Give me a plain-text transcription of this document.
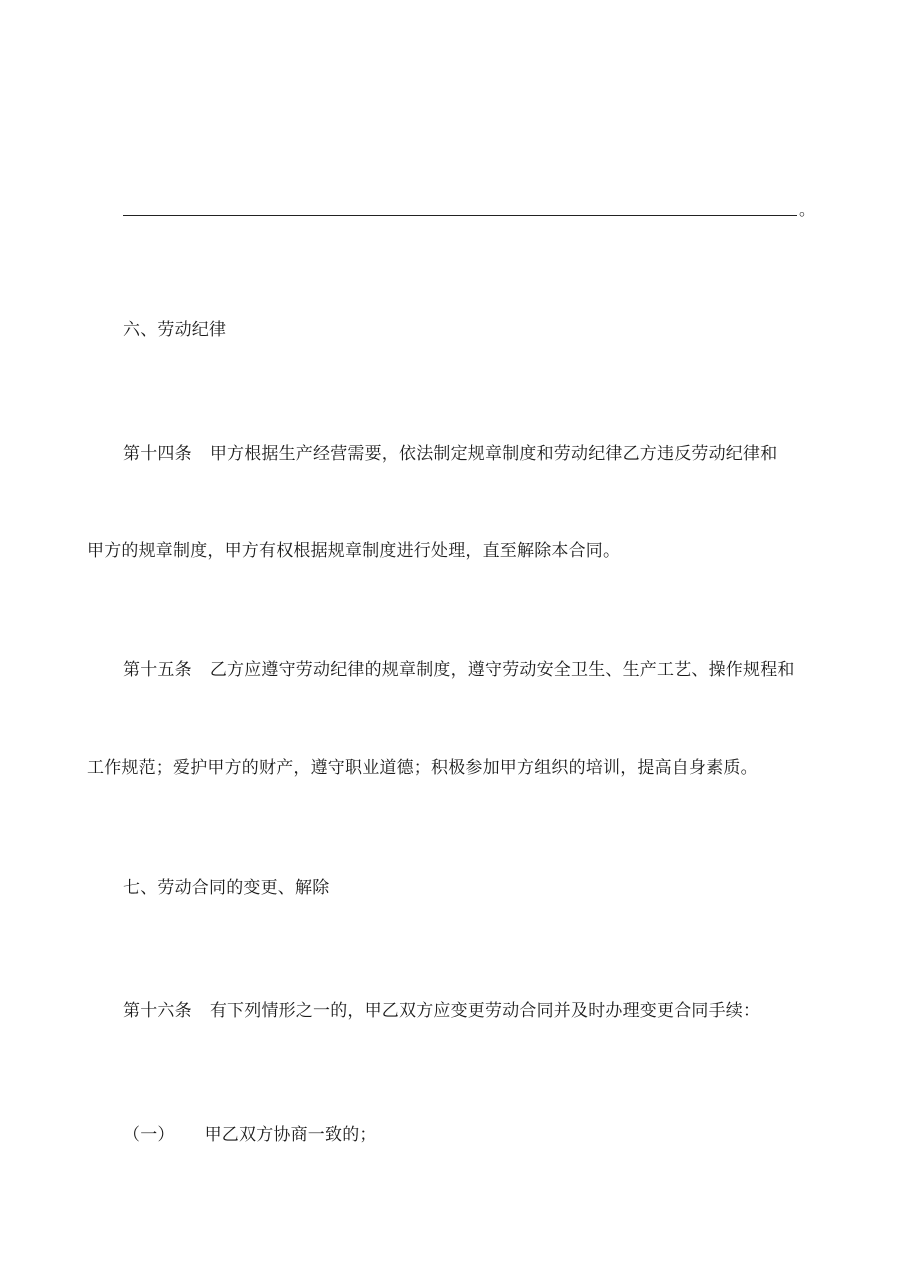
。
六、劳动纪律
第十四条 甲方根据生产经营需要，依法制定规章制度和劳动纪律乙方违反劳动纪律和
甲方的规章制度，甲方有权根据规章制度进行处理，直至解除本合同。
第十五条 乙方应遵守劳动纪律的规章制度，遵守劳动安全卫生、生产工艺、操作规程和
工作规范；爱护甲方的财产，遵守职业道德；积极参加甲方组织的培训，提高自身素质。
七、劳动合同的变更、解除
第十六条 有下列情形之一的，甲乙双方应变更劳动合同并及时办理变更合同手续：
（一） 甲乙双方协商一致的；
